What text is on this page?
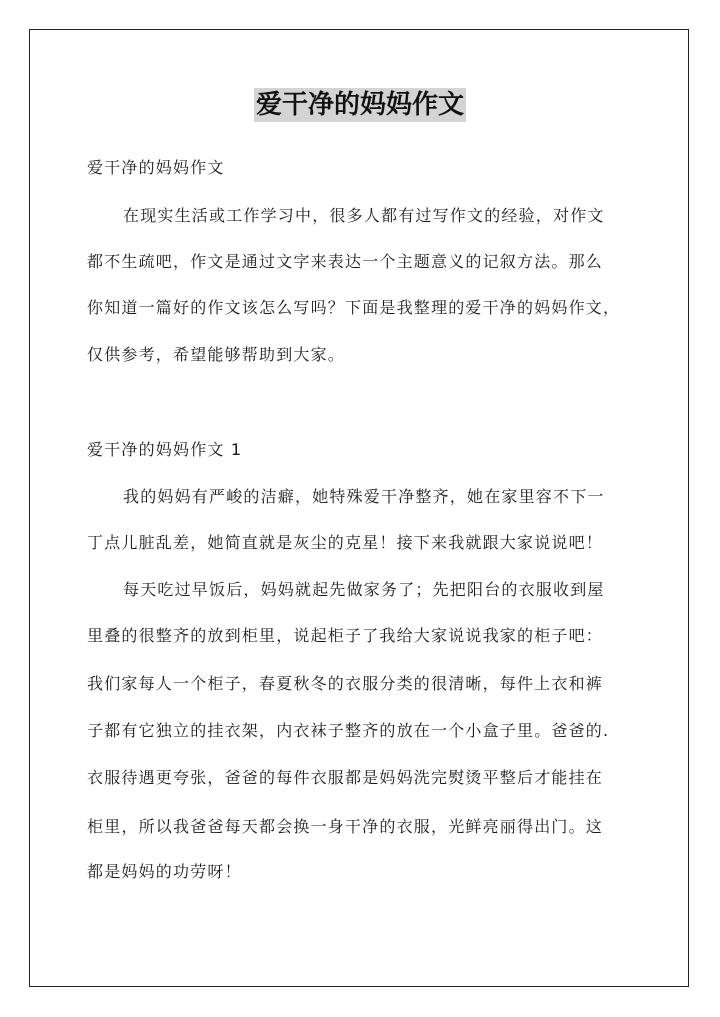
爱干净的妈妈作文
爱干净的妈妈作文
在现实生活或工作学习中，很多人都有过写作文的经验，对作文
都不生疏吧，作文是通过文字来表达一个主题意义的记叙方法。那么
你知道一篇好的作文该怎么写吗？下面是我整理的爱干净的妈妈作文，
仅供参考，希望能够帮助到大家。
爱干净的妈妈作文 1
我的妈妈有严峻的洁癖，她特殊爱干净整齐，她在家里容不下一
丁点儿脏乱差，她简直就是灰尘的克星！接下来我就跟大家说说吧！
每天吃过早饭后，妈妈就起先做家务了；先把阳台的衣服收到屋
里叠的很整齐的放到柜里，说起柜子了我给大家说说我家的柜子吧：
我们家每人一个柜子，春夏秋冬的衣服分类的很清晰，每件上衣和裤
子都有它独立的挂衣架，内衣袜子整齐的放在一个小盒子里。爸爸的.
衣服待遇更夸张，爸爸的每件衣服都是妈妈洗完熨烫平整后才能挂在
柜里，所以我爸爸每天都会换一身干净的衣服，光鲜亮丽得出门。这
都是妈妈的功劳呀！
